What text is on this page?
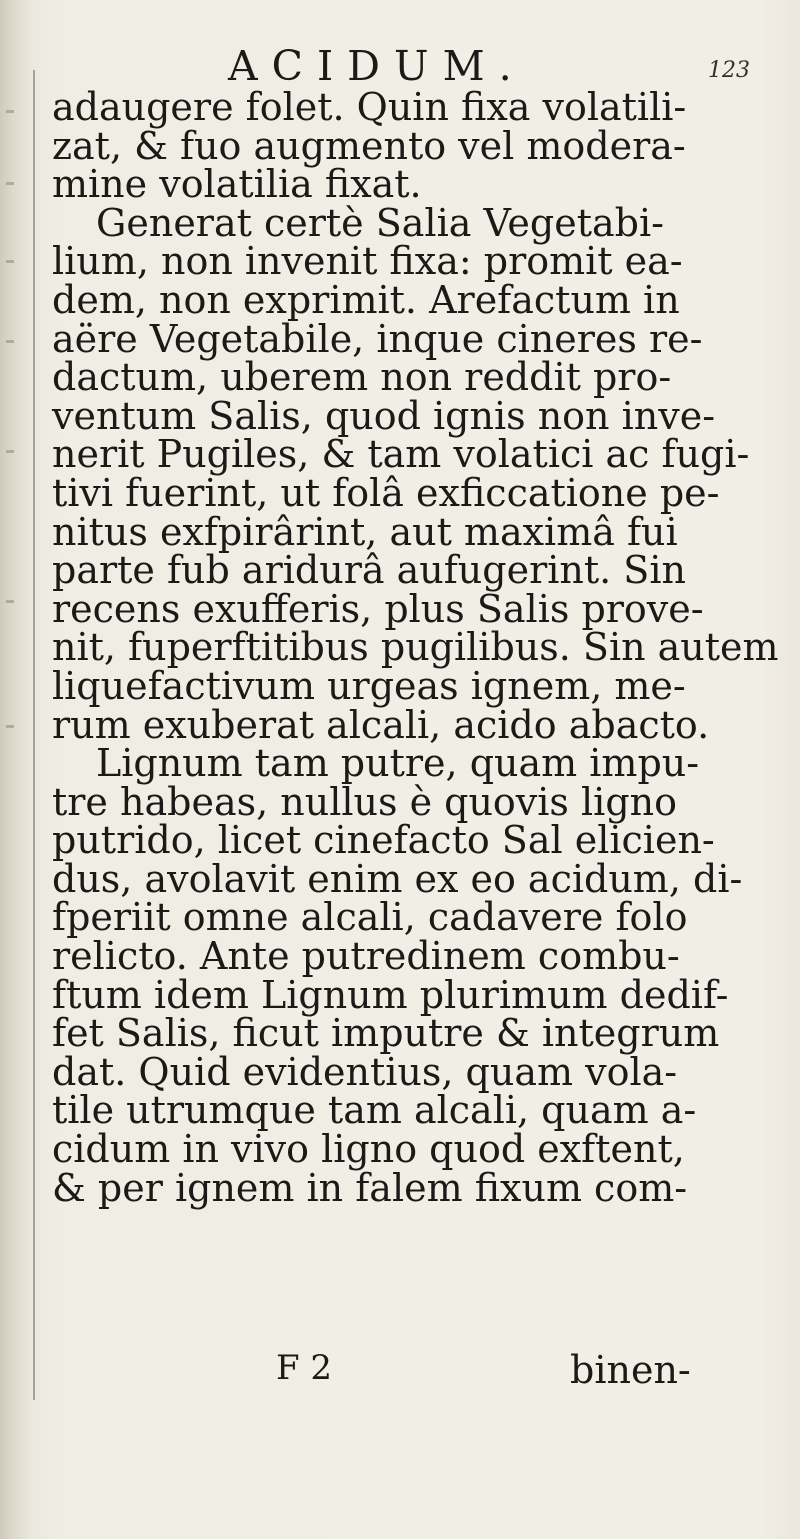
ACIDUM.	123
adaugere folet. Quin fixa volatili-
zat, & fuo augmento vel modera-
mine volatilia fixat.
Generat certè Salia Vegetabi-
lium, non invenit fixa: promit ea-
dem, non exprimit. Arefactum in
aëre Vegetabile, inque cineres re-
dactum, uberem non reddit pro-
ventum Salis, quod ignis non inve-
nerit Pugiles, & tam volatici ac fugi-
tivi fuerint, ut folâ exficcatione pe-
nitus exfpirârint, aut maximâ fui
parte fub aridurâ aufugerint. Sin
recens exufferis, plus Salis prove-
nit, fuperftitibus pugilibus. Sin autem
liquefactivum urgeas ignem, me-
rum exuberat alcali, acido abacto.
Lignum tam putre, quam impu-
tre habeas, nullus è quovis ligno
putrido, licet cinefacto Sal elicien-
dus, avolavit enim ex eo acidum, di-
fperiit omne alcali, cadavere folo
relicto. Ante putredinem combu-
ftum idem Lignum plurimum dedif-
fet Salis, ficut imputre & integrum
dat. Quid evidentius, quam vola-
tile utrumque tam alcali, quam a-
cidum in vivo ligno quod exftent,
& per ignem in falem fixum com-
F 2	binen-
